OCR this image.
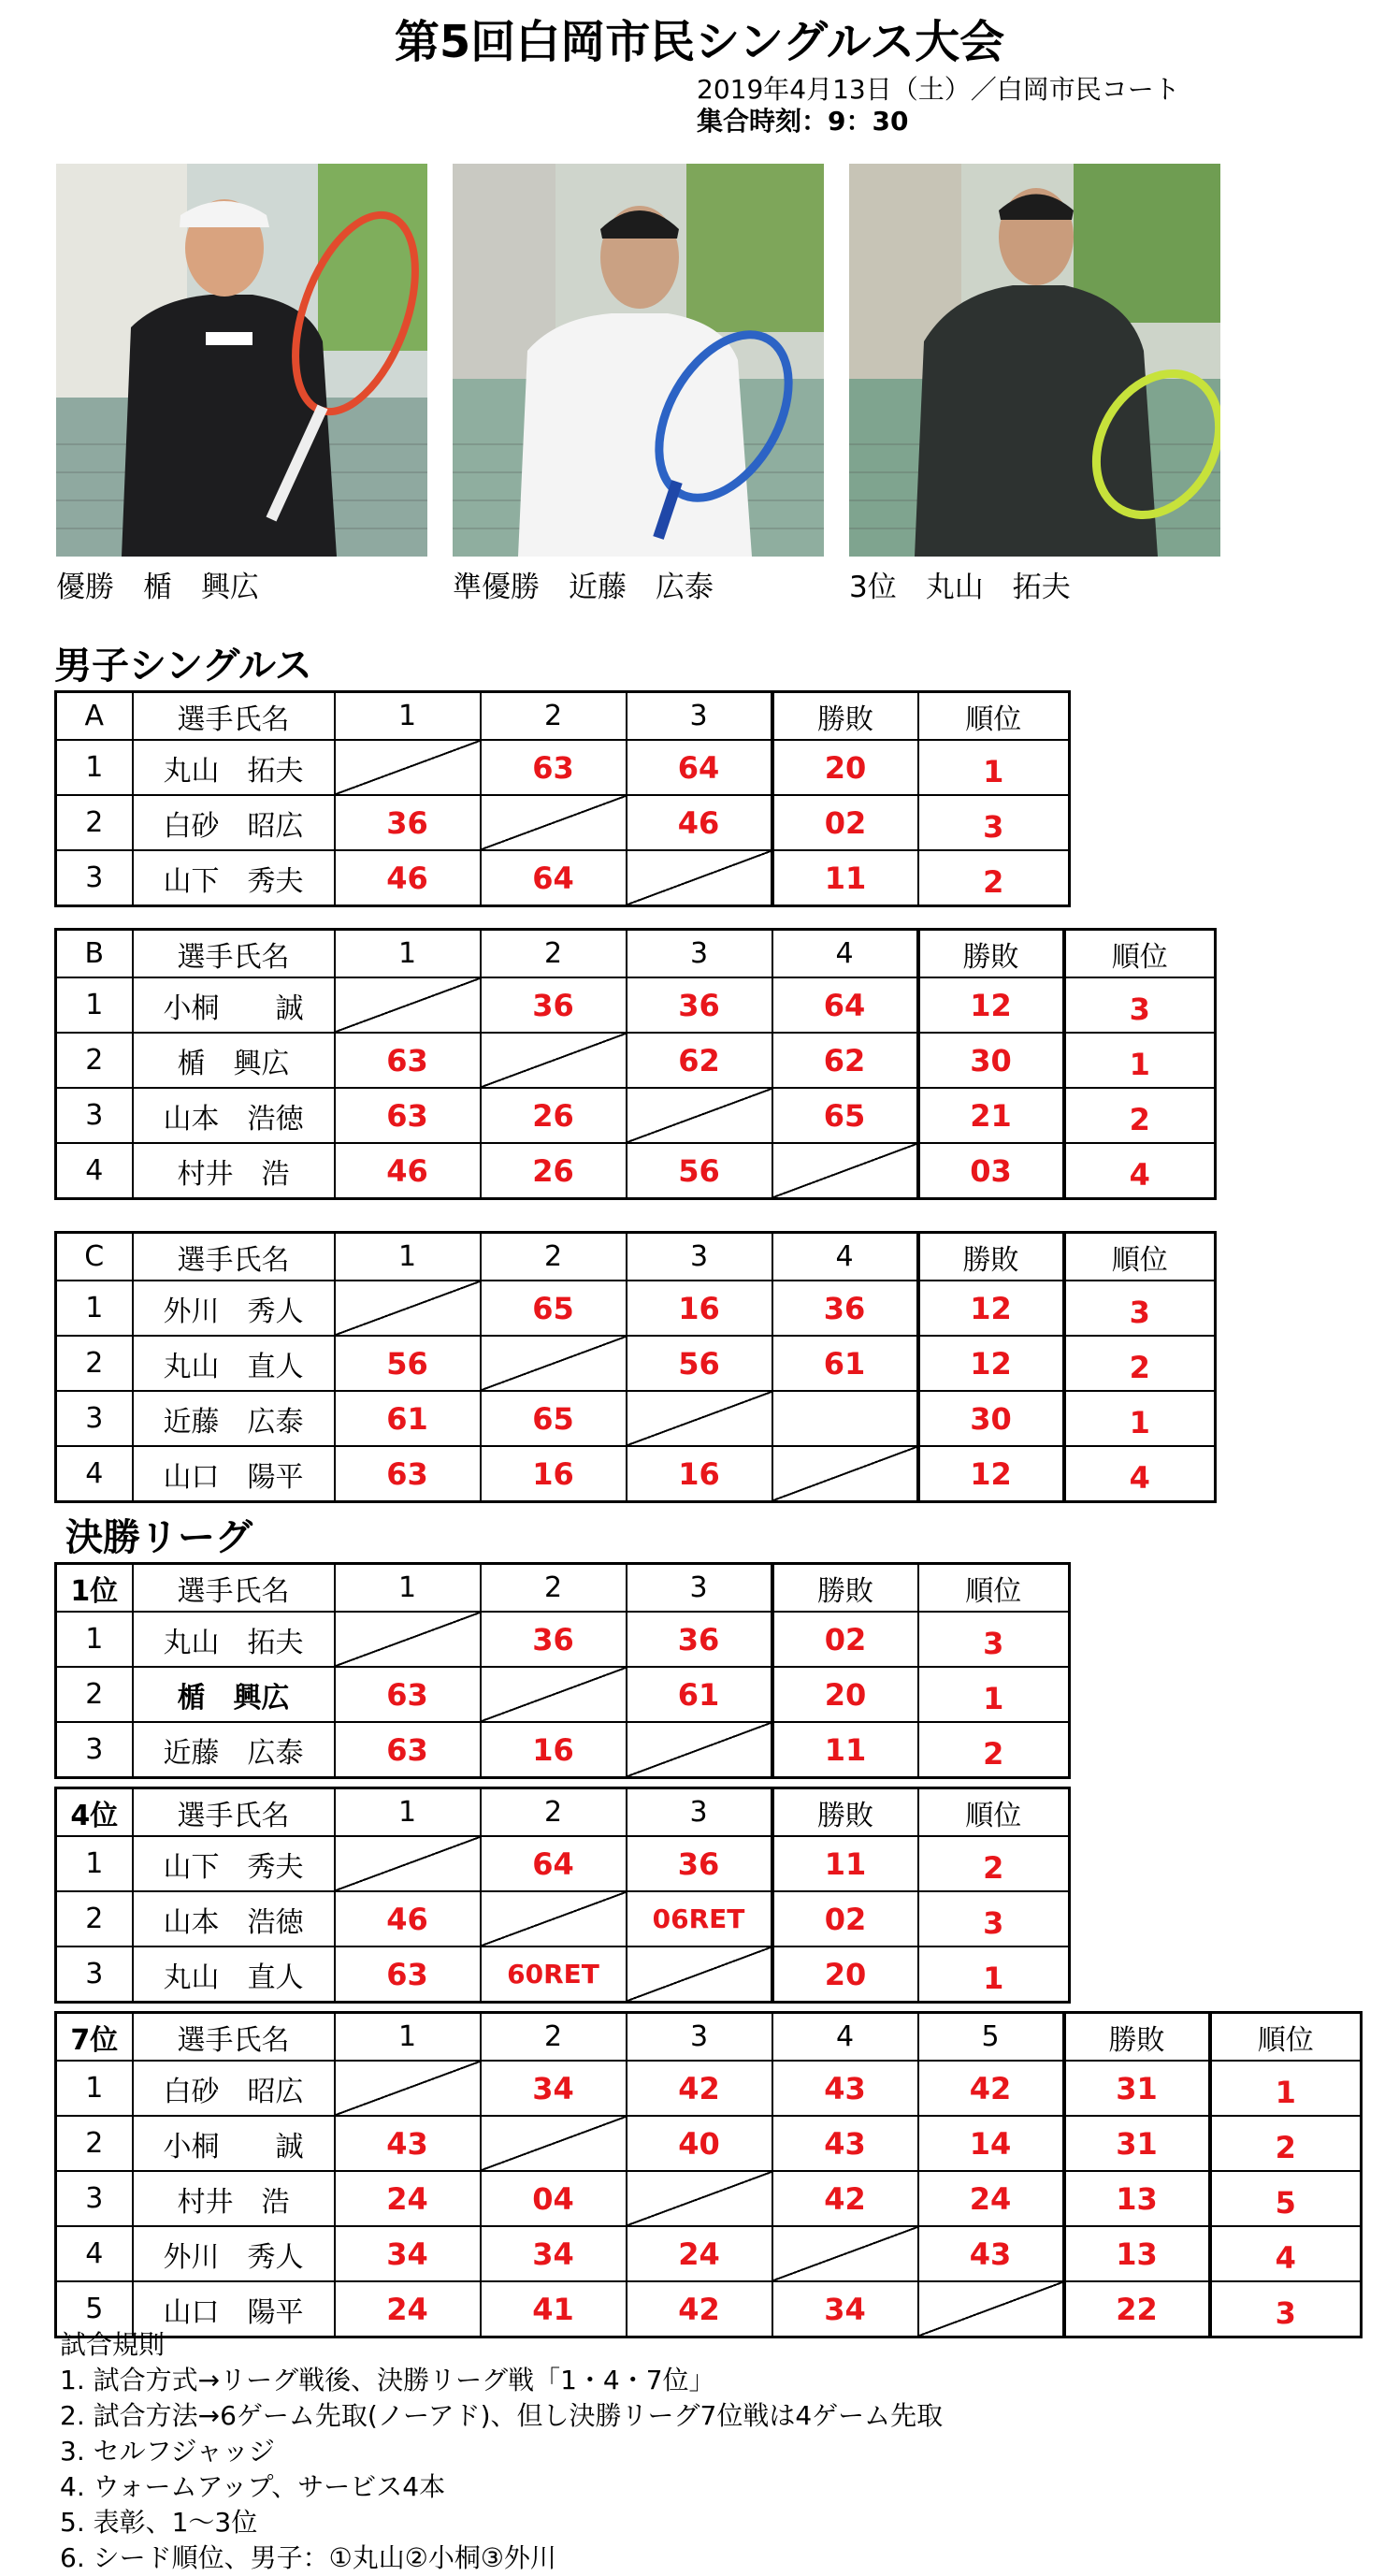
第5回白岡市民シングルス大会
2019年4月13日（土）／白岡市民コート
集合時刻：9：30
優勝　楯　興広	準優勝　近藤　広泰	3位　丸山　拓夫
男子シングルス
A	選手氏名	1	2	3	勝敗	順位
1	丸山　拓夫		63	64	20	1
2	白砂　昭広	36		46	02	3
3	山下　秀夫	46	64		11	2
B	選手氏名	1	2	3	4	勝敗	順位
1	小桐　　誠		36	36	64	12	3
2	楯　興広	63		62	62	30	1
3	山本　浩徳	63	26		65	21	2
4	村井　浩	46	26	56		03	4
C	選手氏名	1	2	3	4	勝敗	順位
1	外川　秀人		65	16	36	12	3
2	丸山　直人	56		56	61	12	2
3	近藤　広泰	61	65			30	1
4	山口　陽平	63	16	16		12	4
決勝リーグ
1位	選手氏名	1	2	3	勝敗	順位
1	丸山　拓夫		36	36	02	3
2	楯　興広	63		61	20	1
3	近藤　広泰	63	16		11	2
4位	選手氏名	1	2	3	勝敗	順位
1	山下　秀夫		64	36	11	2
2	山本　浩徳	46		06RET	02	3
3	丸山　直人	63	60RET		20	1
7位	選手氏名	1	2	3	4	5	勝敗	順位
1	白砂　昭広		34	42	43	42	31	1
2	小桐　　誠	43		40	43	14	31	2
3	村井　浩	24	04		42	24	13	5
4	外川　秀人	34	34	24		43	13	4
5	山口　陽平	24	41	42	34		22	3
試合規則
1. 試合方式→リーグ戦後、決勝リーグ戦「1・4・7位」
2. 試合方法→6ゲーム先取(ノーアド)、但し決勝リーグ7位戦は4ゲーム先取
3. セルフジャッジ
4. ウォームアップ、サービス4本
5. 表彰、1～3位
6. シード順位、男子：①丸山②小桐③外川
